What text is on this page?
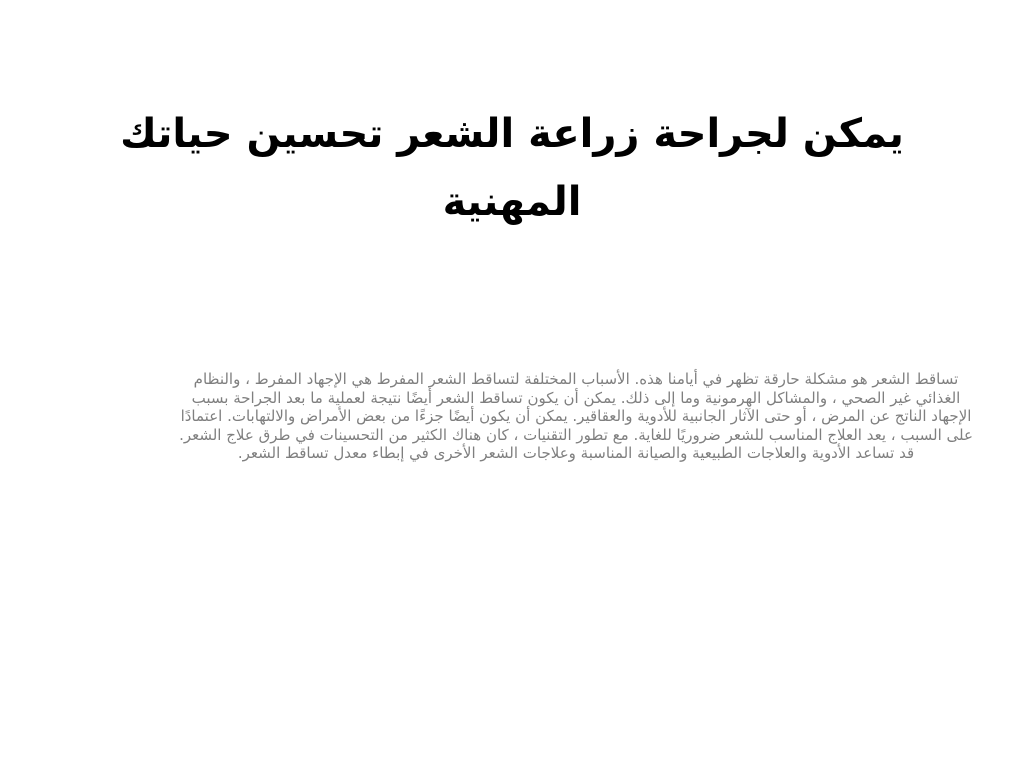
يمكن لجراحة زراعة الشعر تحسين حياتك المهنية

تساقط الشعر هو مشكلة حارقة تظهر في أيامنا هذه. الأسباب المختلفة لتساقط الشعر المفرط هي الإجهاد المفرط ، والنظام الغذائي غير الصحي ، والمشاكل الهرمونية وما إلى ذلك. يمكن أن يكون تساقط الشعر أيضًا نتيجة لعملية ما بعد الجراحة بسبب الإجهاد الناتج عن المرض ، أو حتى الآثار الجانبية للأدوية والعقاقير. يمكن أن يكون أيضًا جزءًا من بعض الأمراض والالتهابات. اعتمادًا على السبب ، يعد العلاج المناسب للشعر ضروريًا للغاية. مع تطور التقنيات ، كان هناك الكثير من التحسينات في طرق علاج الشعر. قد تساعد الأدوية والعلاجات الطبيعية والصيانة المناسبة وعلاجات الشعر الأخرى في إبطاء معدل تساقط الشعر.
